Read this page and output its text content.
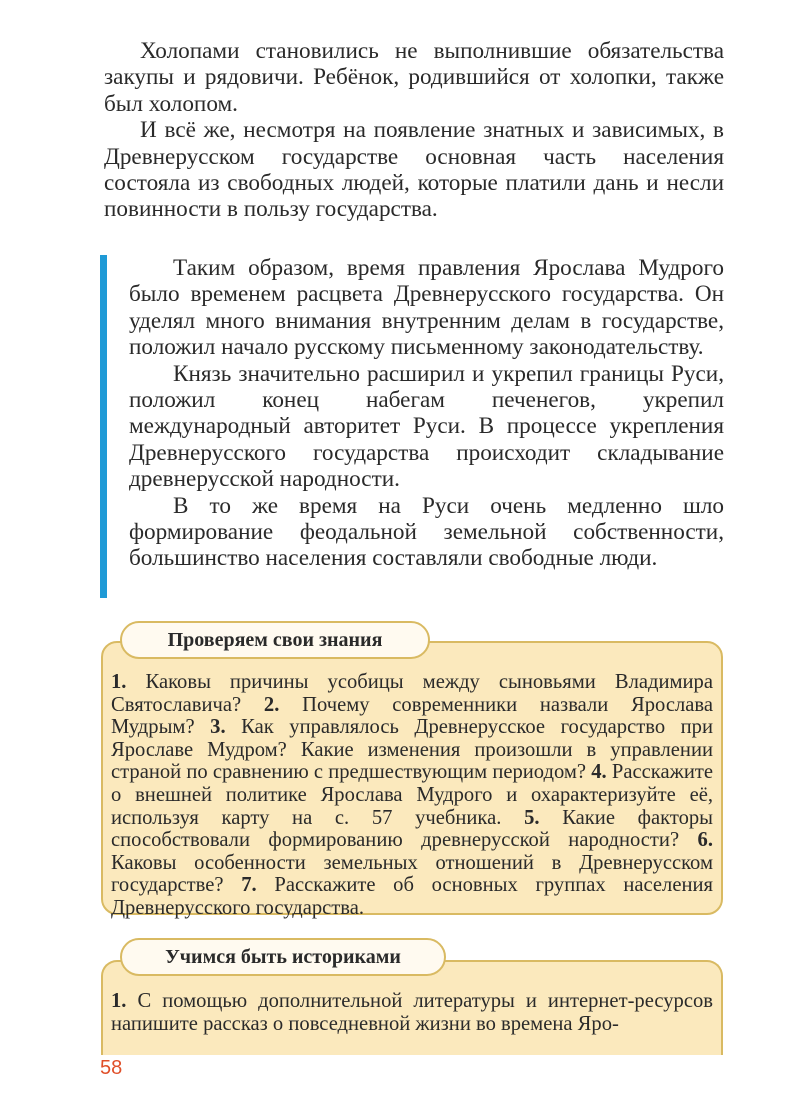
Холопами становились не выполнившие обязательства закупы и рядовичи. Ребёнок, родившийся от холопки, также был холопом.

И всё же, несмотря на появление знатных и зависимых, в Древнерусском государстве основная часть населения состояла из свободных людей, которые платили дань и несли повинности в пользу государства.

Таким образом, время правления Ярослава Мудрого было временем расцвета Древнерусского государства. Он уделял много внимания внутренним делам в государстве, положил начало русскому письменному законодательству.

Князь значительно расширил и укрепил границы Руси, положил конец набегам печенегов, укрепил международный авторитет Руси. В процессе укрепления Древнерусского государства происходит складывание древнерусской народности.

В то же время на Руси очень медленно шло формирование феодальной земельной собственности, большинство населения составляли свободные люди.

1. Каковы причины усобицы между сыновьями Владимира Святославича? 2. Почему современники назвали Ярослава Мудрым? 3. Как управлялось Древнерусское государство при Ярославе Мудром? Какие изменения произошли в управлении страной по сравнению с предшествующим периодом? 4. Расскажите о внешней политике Ярослава Мудрого и охарактеризуйте её, используя карту на с. 57 учебника. 5. Какие факторы способствовали формированию древнерусской народности? 6. Каковы особенности земельных отношений в Древнерусском государстве? 7. Расскажите об основных группах населения Древнерусского государства.
Проверяем свои знания
1. С помощью дополнительной литературы и интернет-ресурсов напишите рассказ о повседневной жизни во времена Яро-
Учимся быть историками
58
